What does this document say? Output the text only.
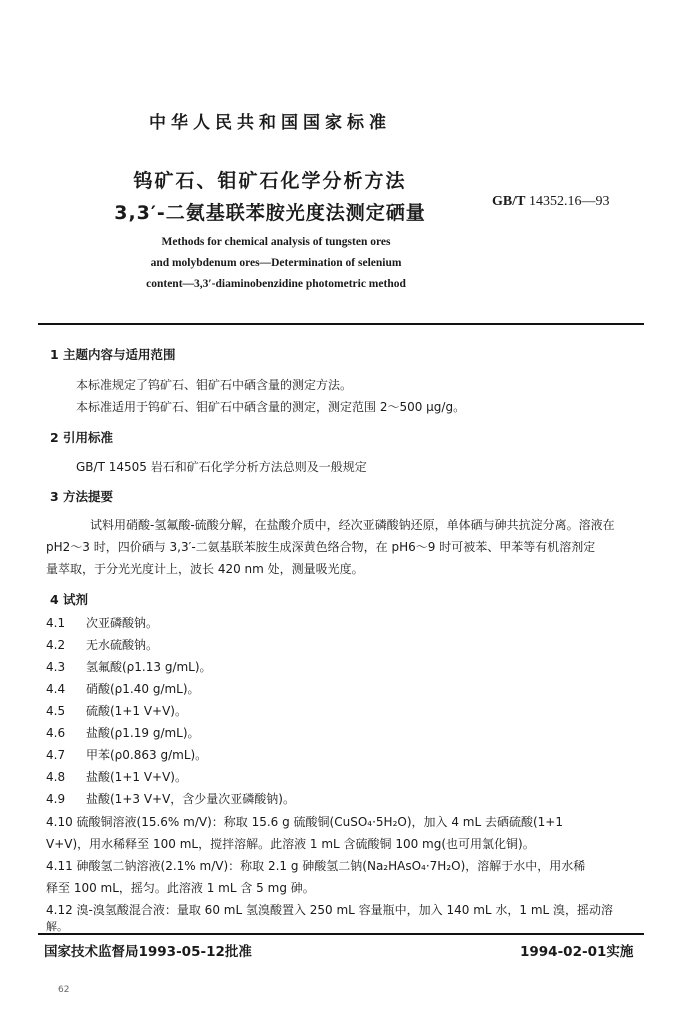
中华人民共和国国家标准
钨矿石、钼矿石化学分析方法
3,3′-二氨基联苯胺光度法测定硒量
GB/T 14352.16—93
Methods for chemical analysis of tungsten ores
and molybdenum ores—Determination of selenium
content—3,3′-diaminobenzidine photometric method
1 主题内容与适用范围
本标准规定了钨矿石、钼矿石中硒含量的测定方法。
本标准适用于钨矿石、钼矿石中硒含量的测定，测定范围 2～500 μg/g。
2 引用标准
GB/T 14505 岩石和矿石化学分析方法总则及一般规定
3 方法提要
试料用硝酸-氢氟酸-硫酸分解，在盐酸介质中，经次亚磷酸钠还原，单体硒与砷共抗淀分离。溶液在
pH2～3 时，四价硒与 3,3′-二氨基联苯胺生成深黄色络合物，在 pH6～9 时可被苯、甲苯等有机溶剂定
量萃取，于分光光度计上，波长 420 nm 处，测量吸光度。
4 试剂
4.1 次亚磷酸钠。
4.2 无水硫酸钠。
4.3 氢氟酸(ρ1.13 g/mL)。
4.4 硝酸(ρ1.40 g/mL)。
4.5 硫酸(1+1 V+V)。
4.6 盐酸(ρ1.19 g/mL)。
4.7 甲苯(ρ0.863 g/mL)。
4.8 盐酸(1+1 V+V)。
4.9 盐酸(1+3 V+V，含少量次亚磷酸钠)。
4.10 硫酸铜溶液(15.6% m/V)：称取 15.6 g 硫酸铜(CuSO₄·5H₂O)，加入 4 mL 去硒硫酸(1+1
V+V)，用水稀释至 100 mL，搅拌溶解。此溶液 1 mL 含硫酸铜 100 mg(也可用氯化铜)。
4.11 砷酸氢二钠溶液(2.1% m/V)：称取 2.1 g 砷酸氢二钠(Na₂HAsO₄·7H₂O)，溶解于水中，用水稀
释至 100 mL，摇匀。此溶液 1 mL 含 5 mg 砷。
4.12 溴-溴氢酸混合液：量取 60 mL 氢溴酸置入 250 mL 容量瓶中，加入 140 mL 水，1 mL 溴，摇动溶
解。
国家技术监督局1993-05-12批准	1994-02-01实施
62
